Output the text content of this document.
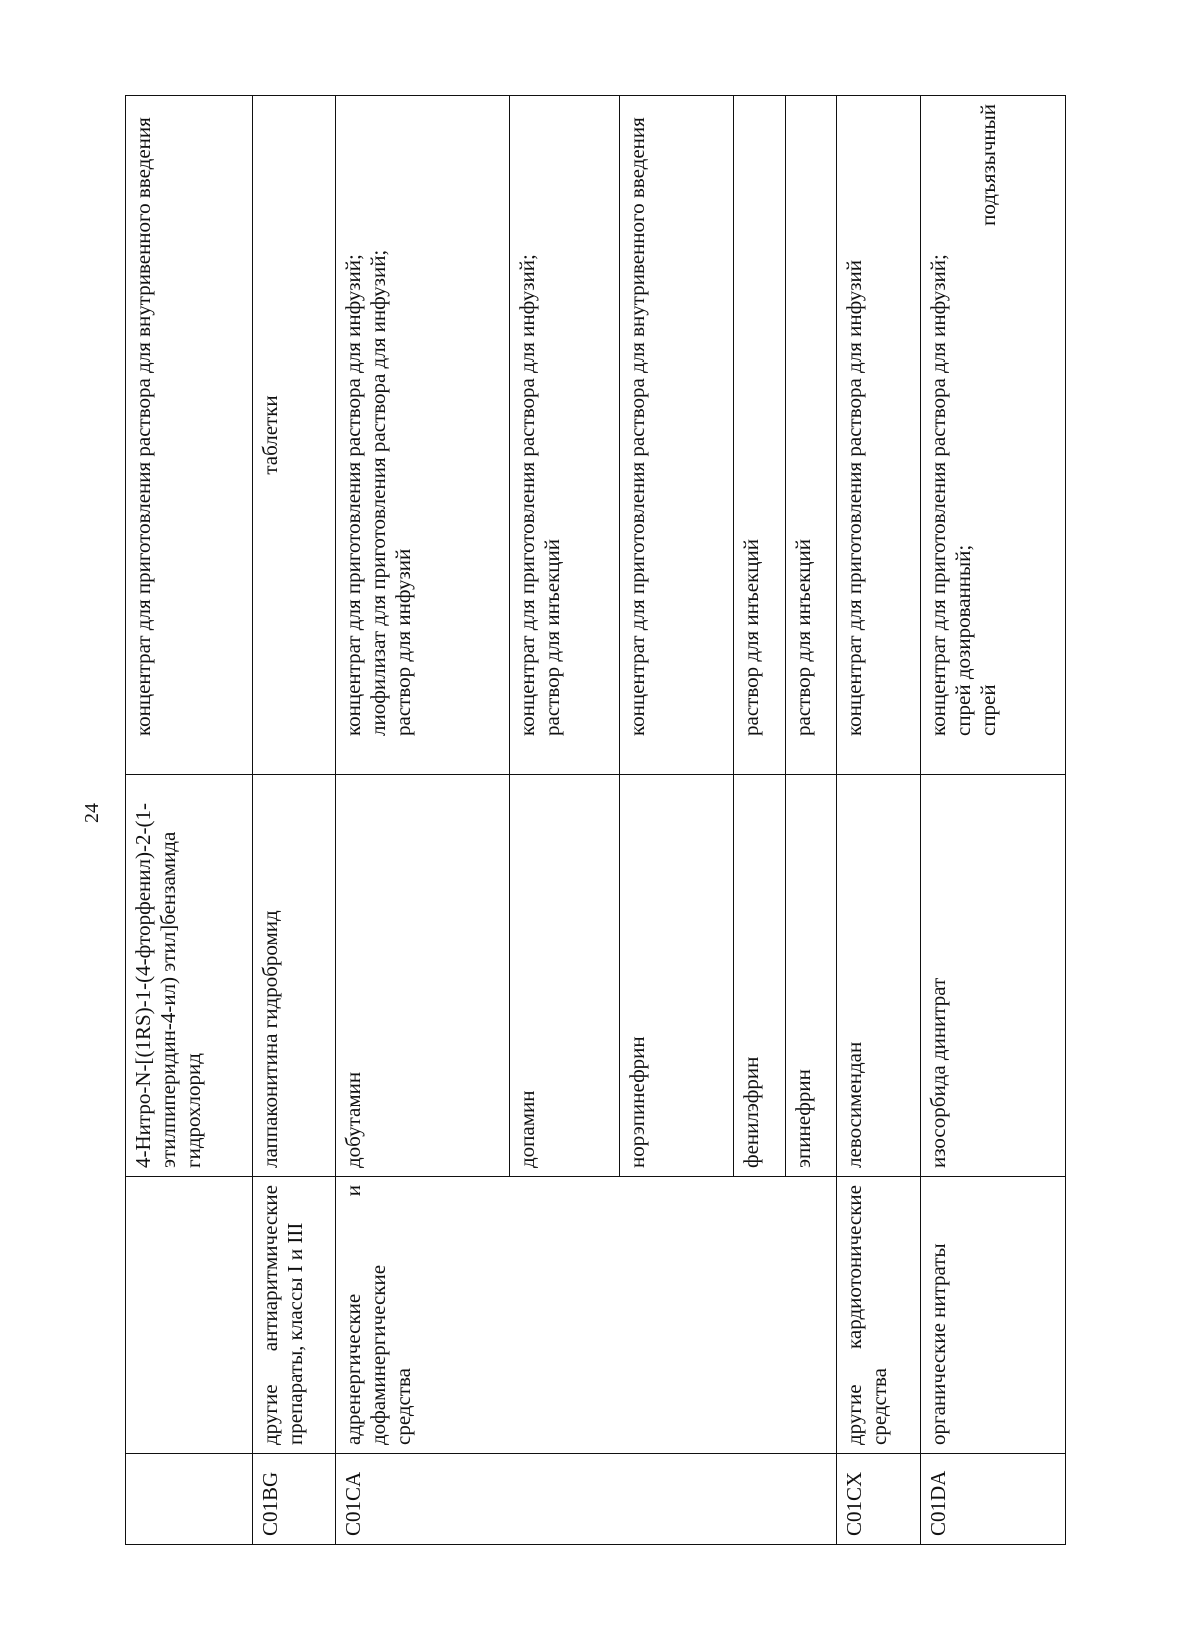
24
		4-Нитро-N-[(1RS)-1-(4-фторфенил)-2-(1-этилпиперидин-4-ил) этил]бензамида гидрохлорид	концентрат для приготовления раствора для внутривенного введения

C01BG	другие антиаритмические препараты, классы I и III	лаппаконитина гидробромид	таблетки

C01CA	адренергические и дофаминергические средства	добутамин	концентрат для приготовления раствора для инфузий; лиофилизат для приготовления раствора для инфузий; раствор для инфузий

		допамин	концентрат для приготовления раствора для инфузий; раствор для инъекций

		норэпинефрин	концентрат для приготовления раствора для внутривенного введения

		фенилэфрин	раствор для инъекций

		эпинефрин	раствор для инъекций

C01CX	другие кардиотонические средства	левосимендан	концентрат для приготовления раствора для инфузий

C01DA	органические нитраты	изосорбида динитрат	концентрат для приготовления раствора для инфузий; спрей дозированный; спрей подъязычный
